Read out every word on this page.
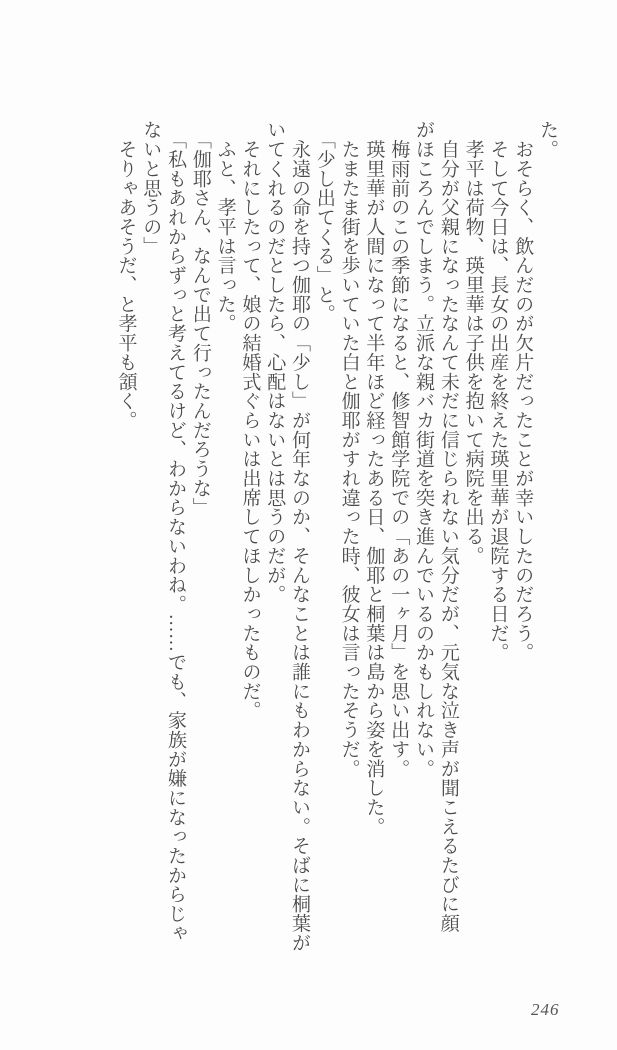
た。

　おそらく、飲んだのが欠片だったことが幸いしたのだろう。

　そして今日は、長女の出産を終えた瑛里華が退院する日だ。

　孝平は荷物、瑛里華は子供を抱いて病院を出る。

　自分が父親になったなんて未だに信じられない気分だが、元気な泣き声が聞こえるたびに顔

がほころんでしまう。立派な親バカ街道を突き進んでいるのかもしれない。

　梅雨前のこの季節になると、修智館学院での「あの一ヶ月」を思い出す。

　瑛里華が人間になって半年ほど経ったある日、伽耶と桐葉は島から姿を消した。

　たまたま街を歩いていた白と伽耶がすれ違った時、彼女は言ったそうだ。

　「少し出てくる」と。

　永遠の命を持つ伽耶の「少し」が何年なのか、そんなことは誰にもわからない。そばに桐葉が

いてくれるのだとしたら、心配はないとは思うのだが。

　それにしたって、娘の結婚式ぐらいは出席してほしかったものだ。

　ふと、孝平は言った。

　「伽耶さん、なんで出て行ったんだろうな」

　「私もあれからずっと考えてるけど、わからないわね。……でも、家族が嫌になったからじゃ

ないと思うの」

　そりゃあそうだ、と孝平も頷く。

246
